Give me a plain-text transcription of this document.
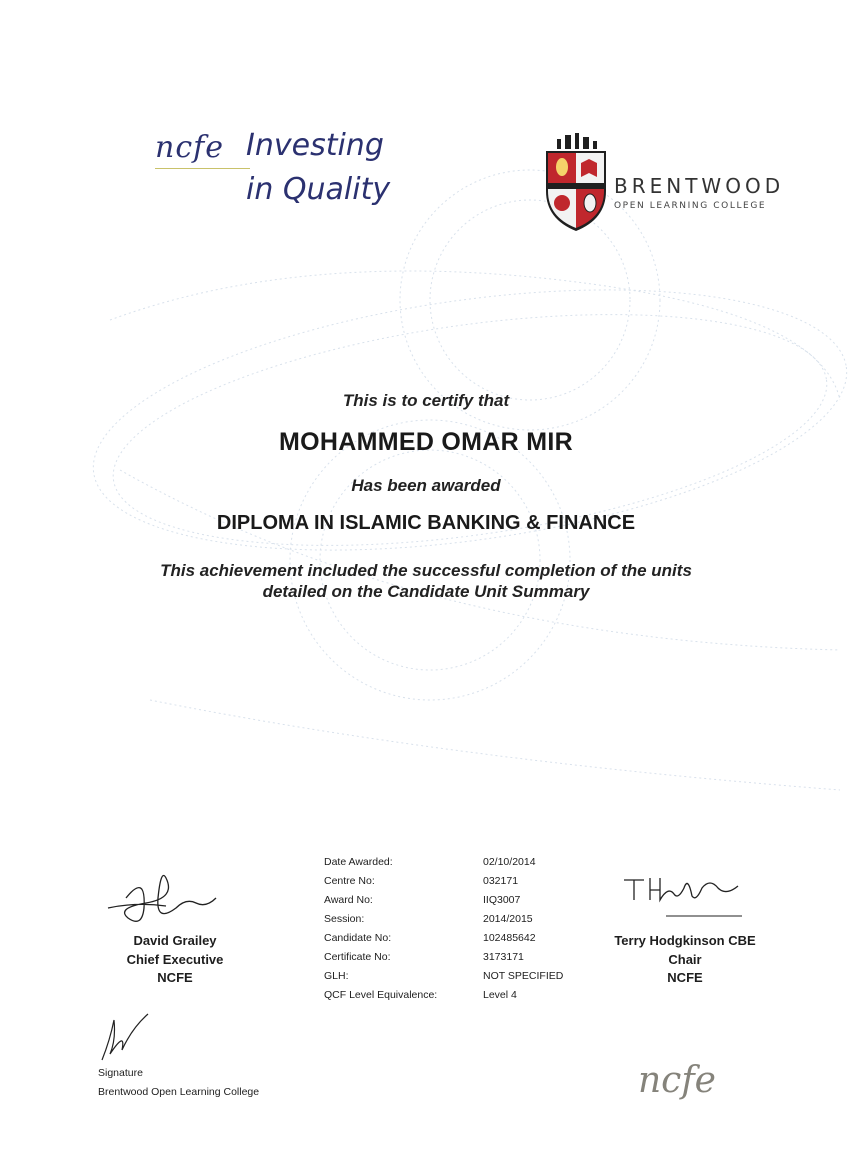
ncfe Investing
in Quality	BRENTWOOD
OPEN LEARNING COLLEGE
This is to certify that
MOHAMMED OMAR MIR
Has been awarded
DIPLOMA IN ISLAMIC BANKING & FINANCE
This achievement included the successful completion of the units
detailed on the Candidate Unit Summary
David Grailey
Chief Executive
NCFE
Date Awarded:	02/10/2014
Centre No:	032171
Award No:	IIQ3007
Session:	2014/2015
Candidate No:	102485642
Certificate No:	3173171
GLH:	NOT SPECIFIED
QCF Level Equivalence:	Level 4
Terry Hodgkinson CBE
Chair
NCFE
Signature
Brentwood Open Learning College	ncfe
